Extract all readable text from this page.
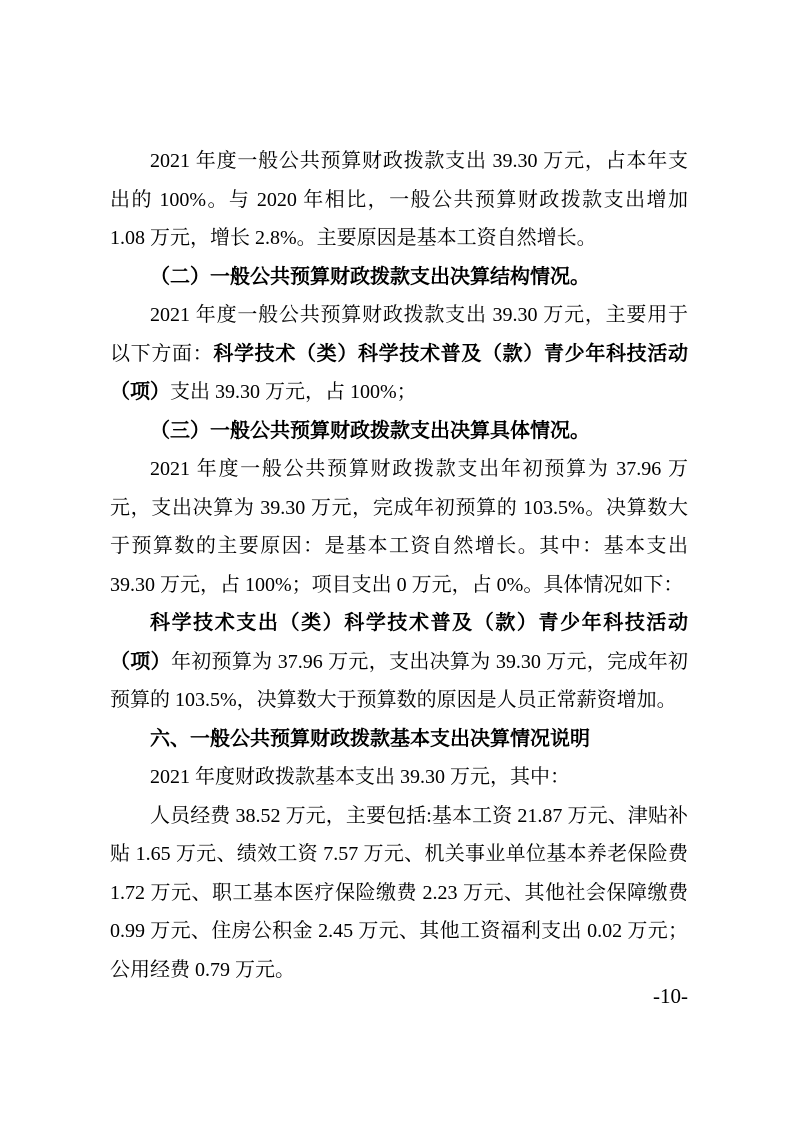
2021 年度一般公共预算财政拨款支出 39.30 万元，占本年支出的 100%。与 2020 年相比，一般公共预算财政拨款支出增加 1.08 万元，增长 2.8%。主要原因是基本工资自然增长。

（二）一般公共预算财政拨款支出决算结构情况。

2021 年度一般公共预算财政拨款支出 39.30 万元，主要用于以下方面：科学技术（类）科学技术普及（款）青少年科技活动（项）支出 39.30 万元，占 100%；

（三）一般公共预算财政拨款支出决算具体情况。

2021 年度一般公共预算财政拨款支出年初预算为 37.96 万元，支出决算为 39.30 万元，完成年初预算的 103.5%。决算数大于预算数的主要原因：是基本工资自然增长。其中：基本支出 39.30 万元，占 100%；项目支出 0 万元，占 0%。具体情况如下：

科学技术支出（类）科学技术普及（款）青少年科技活动（项）年初预算为 37.96 万元，支出决算为 39.30 万元，完成年初预算的 103.5%，决算数大于预算数的原因是人员正常薪资增加。

六、一般公共预算财政拨款基本支出决算情况说明

2021 年度财政拨款基本支出 39.30 万元，其中：

人员经费 38.52 万元，主要包括:基本工资 21.87 万元、津贴补贴 1.65 万元、绩效工资 7.57 万元、机关事业单位基本养老保险费 1.72 万元、职工基本医疗保险缴费 2.23 万元、其他社会保障缴费 0.99 万元、住房公积金 2.45 万元、其他工资福利支出 0.02 万元；公用经费 0.79 万元。

-10-
